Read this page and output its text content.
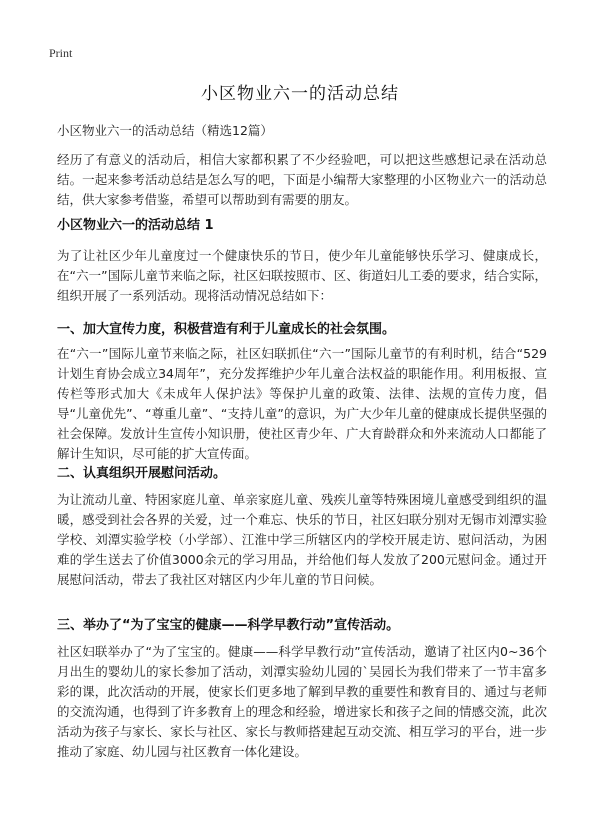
Print
小区物业六一的活动总结

小区物业六一的活动总结（精选12篇）

经历了有意义的活动后，相信大家都积累了不少经验吧，可以把这些感想记录在活动总结。一起来参考活动总结是怎么写的吧，下面是小编帮大家整理的小区物业六一的活动总结，供大家参考借鉴，希望可以帮助到有需要的朋友。

小区物业六一的活动总结 1

为了让社区少年儿童度过一个健康快乐的节日，使少年儿童能够快乐学习、健康成长，在“六一”国际儿童节来临之际，社区妇联按照市、区、街道妇儿工委的要求，结合实际，组织开展了一系列活动。现将活动情况总结如下：

一、加大宣传力度，积极营造有利于儿童成长的社会氛围。

在“六一”国际儿童节来临之际，社区妇联抓住“六一”国际儿童节的有利时机，结合“529计划生育协会成立34周年”，充分发挥维护少年儿童合法权益的职能作用。利用板报、宣传栏等形式加大《未成年人保护法》等保护儿童的政策、法律、法规的宣传力度，倡导“儿童优先”、“尊重儿童”、“支持儿童”的意识，为广大少年儿童的健康成长提供坚强的社会保障。发放计生宣传小知识册，使社区青少年、广大育龄群众和外来流动人口都能了解计生知识，尽可能的扩大宣传面。

二、认真组织开展慰问活动。

为让流动儿童、特困家庭儿童、单亲家庭儿童、残疾儿童等特殊困境儿童感受到组织的温暖，感受到社会各界的关爱，过一个难忘、快乐的节日，社区妇联分别对无锡市刘潭实验学校、刘潭实验学校（小学部）、江淮中学三所辖区内的学校开展走访、慰问活动，为困难的学生送去了价值3000余元的学习用品，并给他们每人发放了200元慰问金。通过开展慰问活动，带去了我社区对辖区内少年儿童的节日问候。

三、举办了“为了宝宝的健康——科学早教行动”宣传活动。

社区妇联举办了“为了宝宝的。健康——科学早教行动”宣传活动，邀请了社区内0~36个月出生的婴幼儿的家长参加了活动，刘潭实验幼儿园的`吴园长为我们带来了一节丰富多彩的课，此次活动的开展，使家长们更多地了解到早教的重要性和教育目的、通过与老师的交流沟通，也得到了许多教育上的理念和经验，增进家长和孩子之间的情感交流，此次活动为孩子与家长、家长与社区、家长与教师搭建起互动交流、相互学习的平台，进一步推动了家庭、幼儿园与社区教育一体化建设。
